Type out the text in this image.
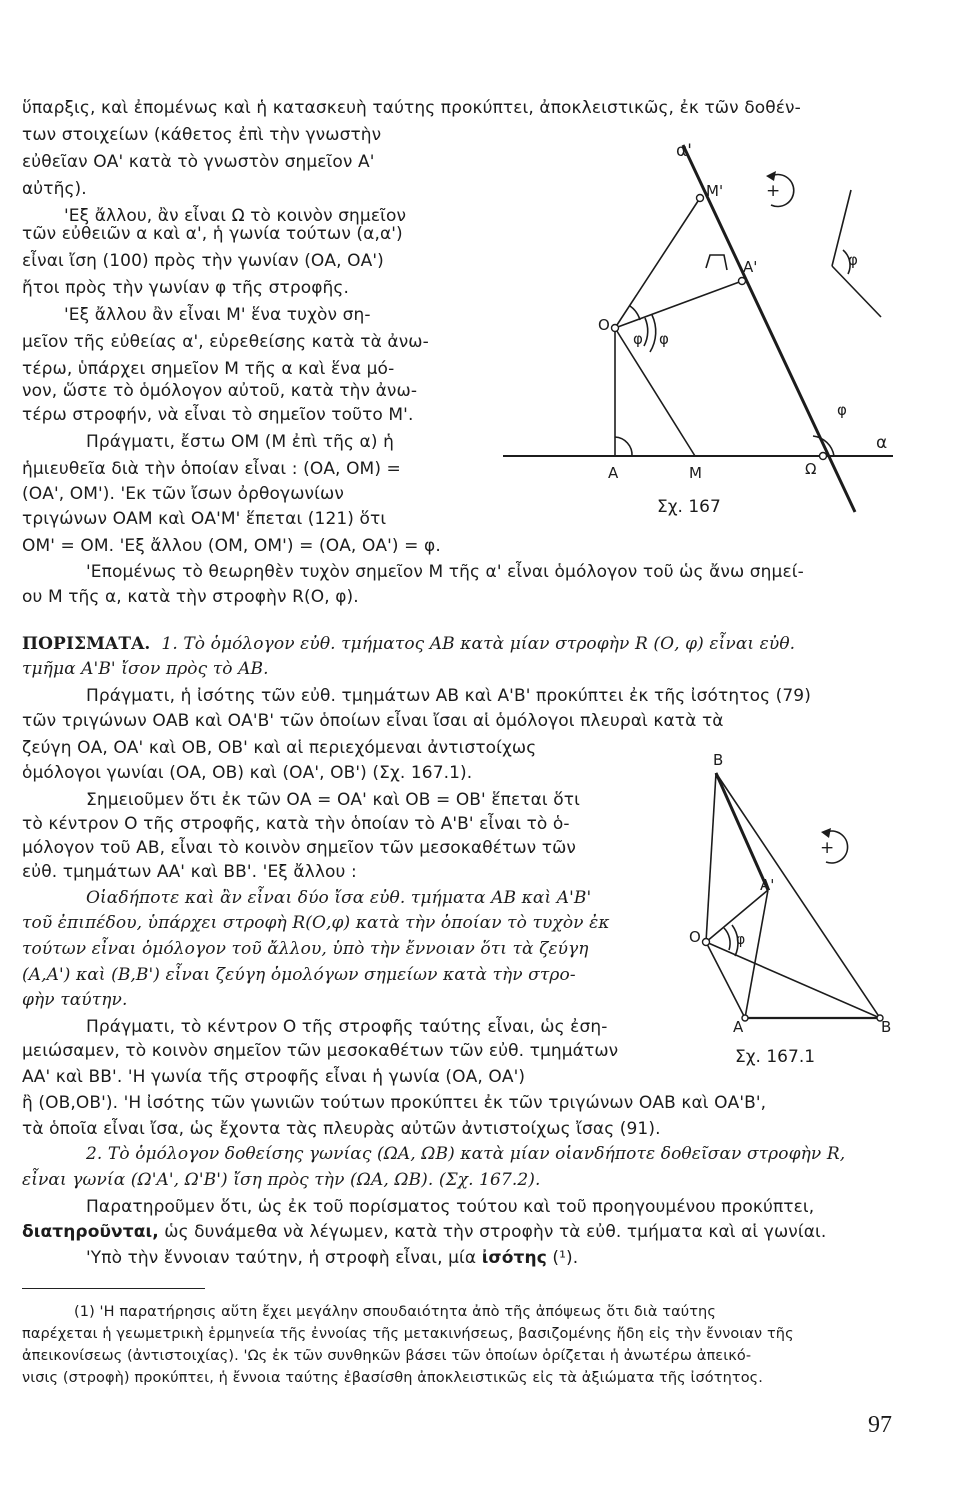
ὕπαρξις, καὶ ἐπομένως καὶ ἡ κατασκευὴ ταύτης προκύπτει, ἀποκλειστικῶς, ἐκ τῶν δοθέν-
των στοιχείων (κάθετος ἐπὶ τὴν γνωστὴν
εὐθεῖαν ΟΑ' κατὰ τὸ γνωστὸν σημεῖον Α'
αὐτῆς).
'Εξ ἄλλου, ἂν εἶναι Ω τὸ κοινὸν σημεῖον
τῶν εὐθειῶν α καὶ α', ἡ γωνία τούτων (α,α')
εἶναι ἴση (100) πρὸς τὴν γωνίαν (ΟΑ, ΟΑ')
ἤτοι πρὸς τὴν γωνίαν φ τῆς στροφῆς.
'Εξ ἄλλου ἂν εἶναι Μ' ἕνα τυχὸν ση-
μεῖον τῆς εὐθείας α', εὑρεθείσης κατὰ τὰ ἀνω-
τέρω, ὑπάρχει σημεῖον Μ τῆς α καὶ ἕνα μό-
νον, ὥστε τὸ ὁμόλογον αὐτοῦ, κατὰ τὴν ἀνω-
τέρω στροφήν, νὰ εἶναι τὸ σημεῖον τοῦτο Μ'.
Πράγματι, ἔστω ΟΜ (Μ ἐπὶ τῆς α) ἡ
ἡμιευθεῖα διὰ τὴν ὁποίαν εἶναι : (ΟΑ, ΟΜ) =
(ΟΑ', ΟΜ'). 'Εκ τῶν ἴσων ὀρθογωνίων
τριγώνων ΟΑΜ καὶ ΟΑ'Μ' ἕπεται (121) ὅτι
ΟΜ' = ΟΜ. 'Εξ ἄλλου (ΟΜ, ΟΜ') = (ΟΑ, ΟΑ') = φ.
'Επομένως τὸ θεωρηθὲν τυχὸν σημεῖον Μ τῆς α' εἶναι ὁμόλογον τοῦ ὡς ἄνω σημεί-
ου Μ τῆς α, κατὰ τὴν στροφὴν R(Ο, φ).
ΠΟΡΙΣΜΑΤΑ. 1. Τὸ ὁμόλογον εὐθ. τμήματος ΑΒ κατὰ μίαν στροφὴν R (Ο, φ) εἶναι εὐθ.
τμῆμα Α'Β' ἴσον πρὸς τὸ ΑΒ.
Πράγματι, ἡ ἰσότης τῶν εὐθ. τμημάτων ΑΒ καὶ Α'Β' προκύπτει ἐκ τῆς ἰσότητος (79)
τῶν τριγώνων ΟΑΒ καὶ ΟΑ'Β' τῶν ὁποίων εἶναι ἴσαι αἱ ὁμόλογοι πλευραὶ κατὰ τὰ
ζεύγη ΟΑ, ΟΑ' καὶ ΟΒ, ΟΒ' καὶ αἱ περιεχόμεναι ἀντιστοίχως
ὁμόλογοι γωνίαι (ΟΑ, ΟΒ) καὶ (ΟΑ', ΟΒ') (Σχ. 167.1).
Σημειοῦμεν ὅτι ἐκ τῶν ΟΑ = ΟΑ' καὶ ΟΒ = ΟΒ' ἕπεται ὅτι
τὸ κέντρον Ο τῆς στροφῆς, κατὰ τὴν ὁποίαν τὸ Α'Β' εἶναι τὸ ὁ-
μόλογον τοῦ ΑΒ, εἶναι τὸ κοινὸν σημεῖον τῶν μεσοκαθέτων τῶν
εὐθ. τμημάτων ΑΑ' καὶ ΒΒ'. 'Εξ ἄλλου :
Οἱαδήποτε καὶ ἂν εἶναι δύο ἴσα εὐθ. τμήματα ΑΒ καὶ Α'Β'
τοῦ ἐπιπέδου, ὑπάρχει στροφὴ R(Ο,φ) κατὰ τὴν ὁποίαν τὸ τυχὸν ἐκ
τούτων εἶναι ὁμόλογον τοῦ ἄλλου, ὑπὸ τὴν ἔννοιαν ὅτι τὰ ζεύγη
(Α,Α') καὶ (Β,Β') εἶναι ζεύγη ὁμολόγων σημείων κατὰ τὴν στρο-
φὴν ταύτην.
Πράγματι, τὸ κέντρον Ο τῆς στροφῆς ταύτης εἶναι, ὡς ἐση-
μειώσαμεν, τὸ κοινὸν σημεῖον τῶν μεσοκαθέτων τῶν εὐθ. τμημάτων
ΑΑ' καὶ ΒΒ'. 'Η γωνία τῆς στροφῆς εἶναι ἡ γωνία (ΟΑ, ΟΑ')
ἢ (ΟΒ,ΟΒ'). 'Η ἰσότης τῶν γωνιῶν τούτων προκύπτει ἐκ τῶν τριγώνων ΟΑΒ καὶ ΟΑ'Β',
τὰ ὁποῖα εἶναι ἴσα, ὡς ἔχοντα τὰς πλευρὰς αὐτῶν ἀντιστοίχως ἴσας (91).
2. Τὸ ὁμόλογον δοθείσης γωνίας (ΩΑ, ΩΒ) κατὰ μίαν οἱανδήποτε δοθεῖσαν στροφὴν R,
εἶναι γωνία (Ω'Α', Ω'Β') ἴση πρὸς τὴν (ΩΑ, ΩΒ). (Σχ. 167.2).
Παρατηροῦμεν ὅτι, ὡς ἐκ τοῦ πορίσματος τούτου καὶ τοῦ προηγουμένου προκύπτει,
διατηροῦνται, ὡς δυνάμεθα νὰ λέγωμεν, κατὰ τὴν στροφὴν τὰ εὐθ. τμήματα καὶ αἱ γωνίαι.
'Υπὸ τὴν ἔννοιαν ταύτην, ἡ στροφὴ εἶναι, μία ἰσότης (¹).
(1) 'Η παρατήρησις αὕτη ἔχει μεγάλην σπουδαιότητα ἀπὸ τῆς ἀπόψεως ὅτι διὰ ταύτης
παρέχεται ἡ γεωμετρικὴ ἑρμηνεία τῆς ἐννοίας τῆς μετακινήσεως, βασιζομένης ἤδη εἰς τὴν ἔννοιαν τῆς
ἀπεικονίσεως (ἀντιστοιχίας). 'Ως ἐκ τῶν συνθηκῶν βάσει τῶν ὁποίων ὁρίζεται ἡ ἀνωτέρω ἀπεικό-
νισις (στροφὴ) προκύπτει, ἡ ἔννοια ταύτης ἐβασίσθη ἀποκλειστικῶς εἰς τὰ ἀξιώματα τῆς ἰσότητος.
97
α'
Μ'
Α'
Ο
φ φ
φ
φ
Α	Μ	Ω
α
+
Σχ. 167
Β
Α'
Ο	φ
Α	Β
+
Σχ. 167.1
